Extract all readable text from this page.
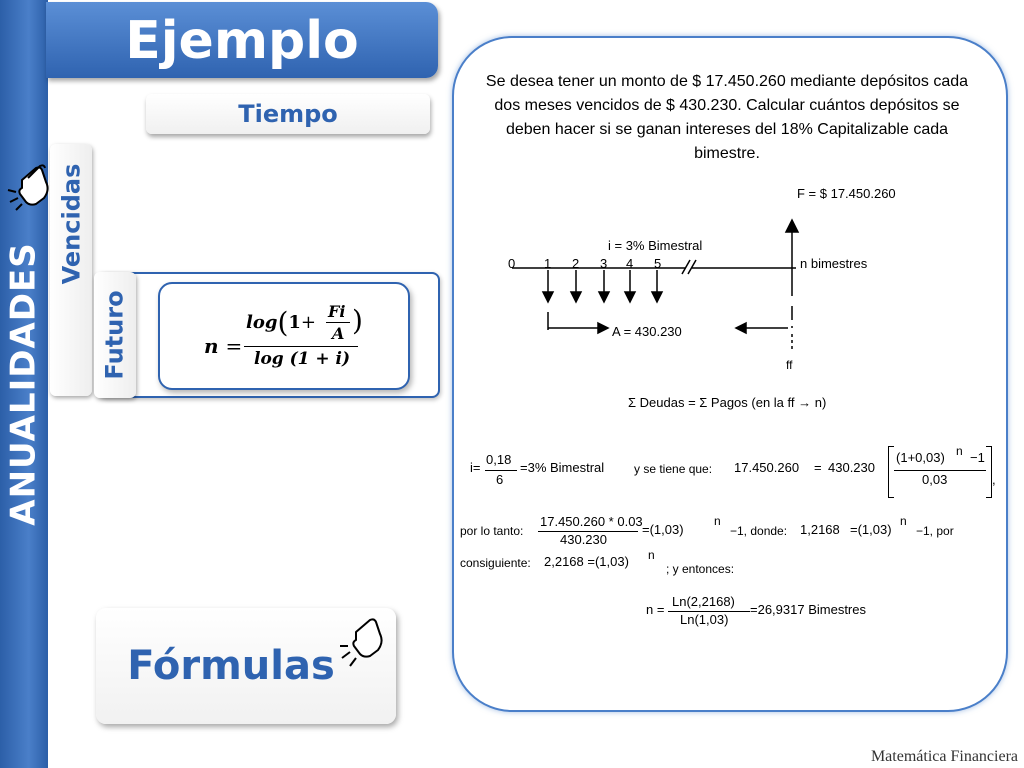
ANUALIDADES
Ejemplo
Tiempo
Vencidas
Futuro	n =
log(1+
Fi
A )
log (1 + i)
Fórmulas
Se desea tener un monto de $ 17.450.260 mediante depósitos cada dos meses vencidos de $ 430.230. Calcular cuántos depósitos se deben hacer si se ganan intereses del 18% Capitalizable cada bimestre.
F = $ 17.450.260
i = 3% Bimestral
0 1 2 3 4 5	n bimestres
A = 430.230
ff
Σ Deudas = Σ Pagos (en la ff → n)
i=
0,18
6
=3% Bimestral y se tiene que: 17.450.260 = 430.230
(1+0,03) n −1
0,03	,
por lo tanto:
17.450.260 * 0.03
430.230
=(1,03)
n
−1, donde: 1,2168 =(1,03)
n
−1, por
consiguiente: 2,2168 =(1,03) n
; y entonces:
n =
Ln(2,2168)
Ln(1,03)
=26,9317 Bimestres
Matemática Financiera
